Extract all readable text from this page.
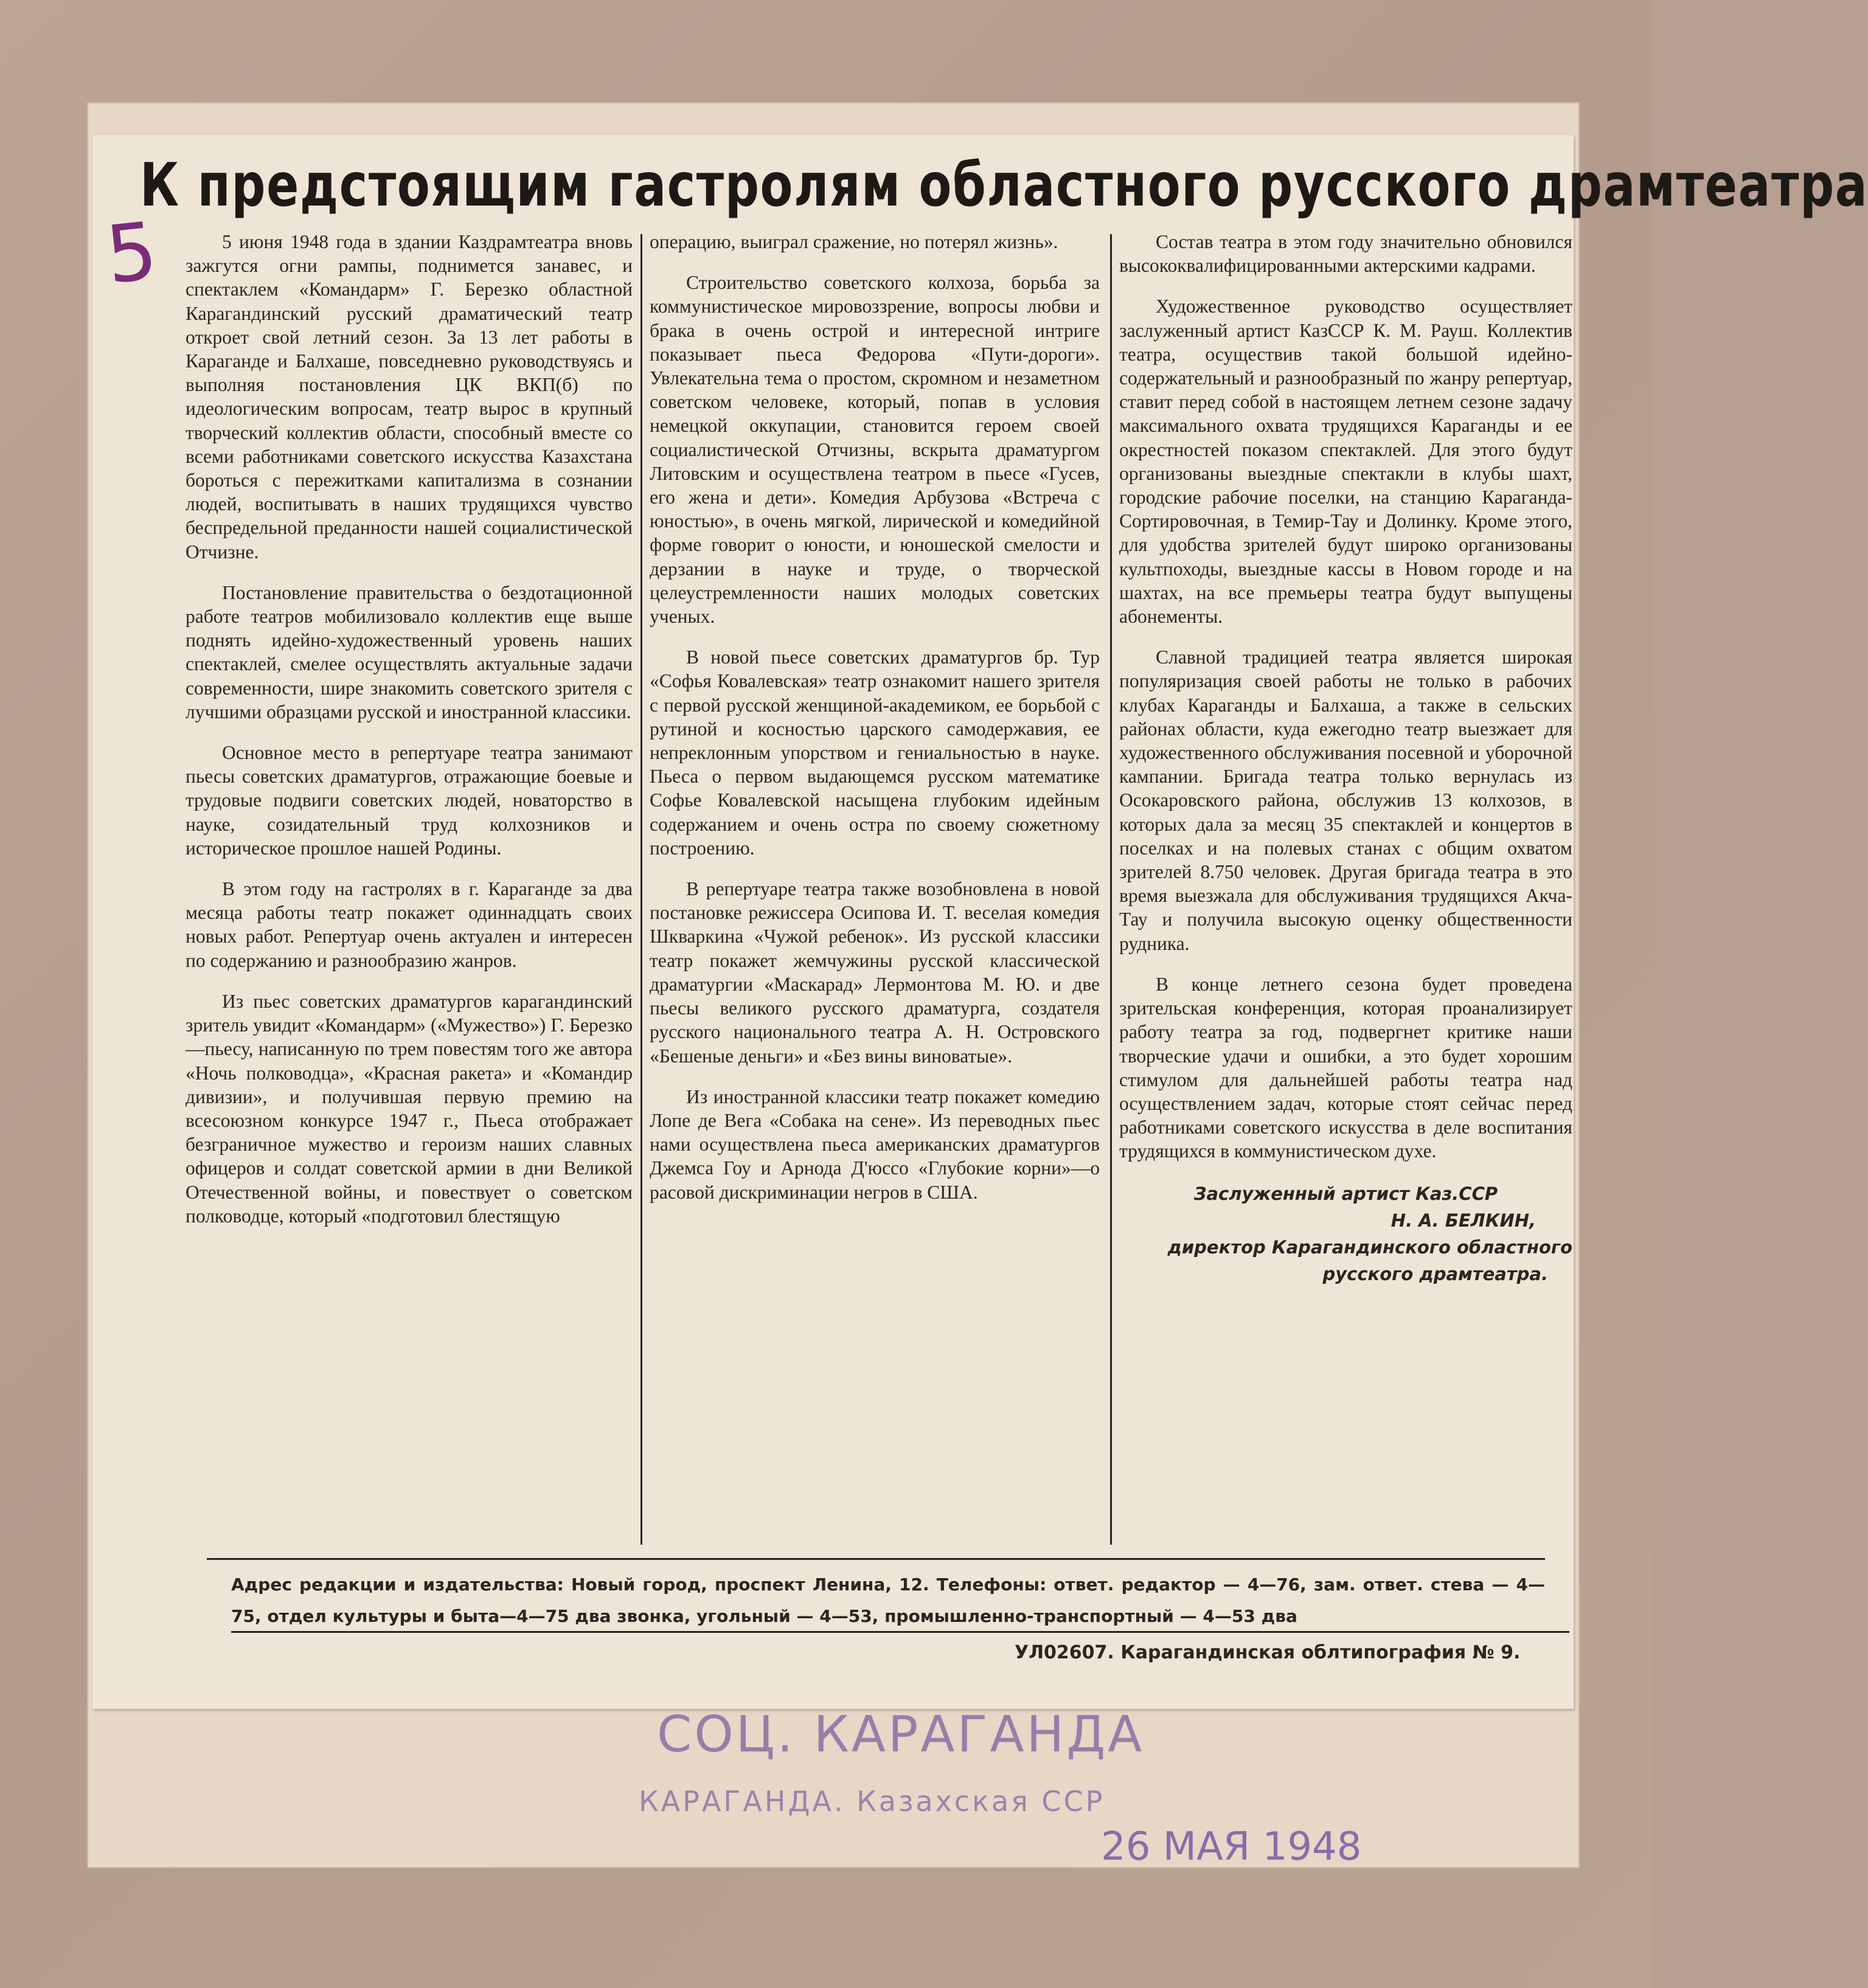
К предстоящим гастролям областного русского драмтеатра
5	5 июня 1948 года в здании Каздрамтеатра вновь зажгутся огни рампы, поднимется занавес, и спектаклем «Командарм» Г. Березко областной Карагандинский русский драматический театр откроет свой летний сезон. За 13 лет работы в Караганде и Балхаше, повседневно руководствуясь и выполняя постановления ЦК ВКП(б) по идеологическим вопросам, театр вырос в крупный творческий коллектив области, способный вместе со всеми работниками советского искусства Казахстана бороться с пережитками капитализма в сознании людей, воспитывать в наших трудящихся чувство беспредельной преданности нашей социалистической Отчизне.

Постановление правительства о бездотационной работе театров мобилизовало коллектив еще выше поднять идейно-художественный уровень наших спектаклей, смелее осуществлять актуальные задачи современности, шире знакомить советского зрителя с лучшими образцами русской и иностранной классики.

Основное место в репертуаре театра занимают пьесы советских драматургов, отражающие боевые и трудовые подвиги советских людей, новаторство в науке, созидательный труд колхозников и историческое прошлое нашей Родины.

В этом году на гастролях в г. Караганде за два месяца работы театр покажет одиннадцать своих новых работ. Репертуар очень актуален и интересен по содержанию и разнообразию жанров.

Из пьес советских драматургов карагандинский зритель увидит «Командарм» («Мужество») Г. Березко—пьесу, написанную по трем повестям того же автора «Ночь полководца», «Красная ракета» и «Командир дивизии», и получившая первую премию на всесоюзном конкурсе 1947 г., Пьеса отображает безграничное мужество и героизм наших славных офицеров и солдат советской армии в дни Великой Отечественной войны, и повествует о советском полководце, который «подготовил блестящую

операцию, выиграл сражение, но потерял жизнь».

Строительство советского колхоза, борьба за коммунистическое мировоззрение, вопросы любви и брака в очень острой и интересной интриге показывает пьеса Федорова «Пути-дороги». Увлекательна тема о простом, скромном и незаметном советском человеке, который, попав в условия немецкой оккупации, становится героем своей социалистической Отчизны, вскрыта драматургом Литовским и осуществлена театром в пьесе «Гусев, его жена и дети». Комедия Арбузова «Встреча с юностью», в очень мягкой, лирической и комедийной форме говорит о юности, и юношеской смелости и дерзании в науке и труде, о творческой целеустремленности наших молодых советских ученых.

В новой пьесе советских драматургов бр. Тур «Софья Ковалевская» театр ознакомит нашего зрителя с первой русской женщиной-академиком, ее борьбой с рутиной и косностью царского самодержавия, ее непреклонным упорством и гениальностью в науке. Пьеса о первом выдающемся русском математике Софье Ковалевской насыщена глубоким идейным содержанием и очень остра по своему сюжетному построению.

В репертуаре театра также возобновлена в новой постановке режиссера Осипова И. Т. веселая комедия Шкваркина «Чужой ребенок». Из русской классики театр покажет жемчужины русской классической драматургии «Маскарад» Лермонтова М. Ю. и две пьесы великого русского драматурга, создателя русского национального театра А. Н. Островского «Бешеные деньги» и «Без вины виноватые».

Из иностранной классики театр покажет комедию Лопе де Вега «Собака на сене». Из переводных пьес нами осуществлена пьеса американских драматургов Джемса Гоу и Арнода Д'юссо «Глубокие корни»—о расовой дискриминации негров в США.

Состав театра в этом году значительно обновился высококвалифицированными актерскими кадрами.

Художественное руководство осуществляет заслуженный артист КазССР К. М. Рауш. Коллектив театра, осуществив такой большой идейно-содержательный и разнообразный по жанру репертуар, ставит перед собой в настоящем летнем сезоне задачу максимального охвата трудящихся Караганды и ее окрестностей показом спектаклей. Для этого будут организованы выездные спектакли в клубы шахт, городские рабочие поселки, на станцию Караганда-Сортировочная, в Темир-Тау и Долинку. Кроме этого, для удобства зрителей будут широко организованы культпоходы, выездные кассы в Новом городе и на шахтах, на все премьеры театра будут выпущены абонементы.

Славной традицией театра является широкая популяризация своей работы не только в рабочих клубах Караганды и Балхаша, а также в сельских районах области, куда ежегодно театр выезжает для художественного обслуживания посевной и уборочной кампании. Бригада театра только вернулась из Осокаровского района, обслужив 13 колхозов, в которых дала за месяц 35 спектаклей и концертов в поселках и на полевых станах с общим охватом зрителей 8.750 человек. Другая бригада театра в это время выезжала для обслуживания трудящихся Акча-Тау и получила высокую оценку общественности рудника.

В конце летнего сезона будет проведена зрительская конференция, которая проанализирует работу театра за год, подвергнет критике наши творческие удачи и ошибки, а это будет хорошим стимулом для дальнейшей работы театра над осуществлением задач, которые стоят сейчас перед работниками советского искусства в деле воспитания трудящихся в коммунистическом духе.

Заслуженный артист Каз.ССР
Н. А. БЕЛКИН,
директор Карагандинского областного
русского драмтеатра.
Адрес редакции и издательства: Новый город, проспект Ленина, 12. Телефоны: ответ. редактор — 4—76, зам. ответ. стева — 4—75, отдел культуры и быта—4—75 два звонка, угольный — 4—53, промышленно-транспортный — 4—53 два
УЛ02607. Карагандинская облтипография № 9.
СОЦ. КАРАГАНДА
КАРАГАНДА. Казахская ССР
26 МАЯ 1948
